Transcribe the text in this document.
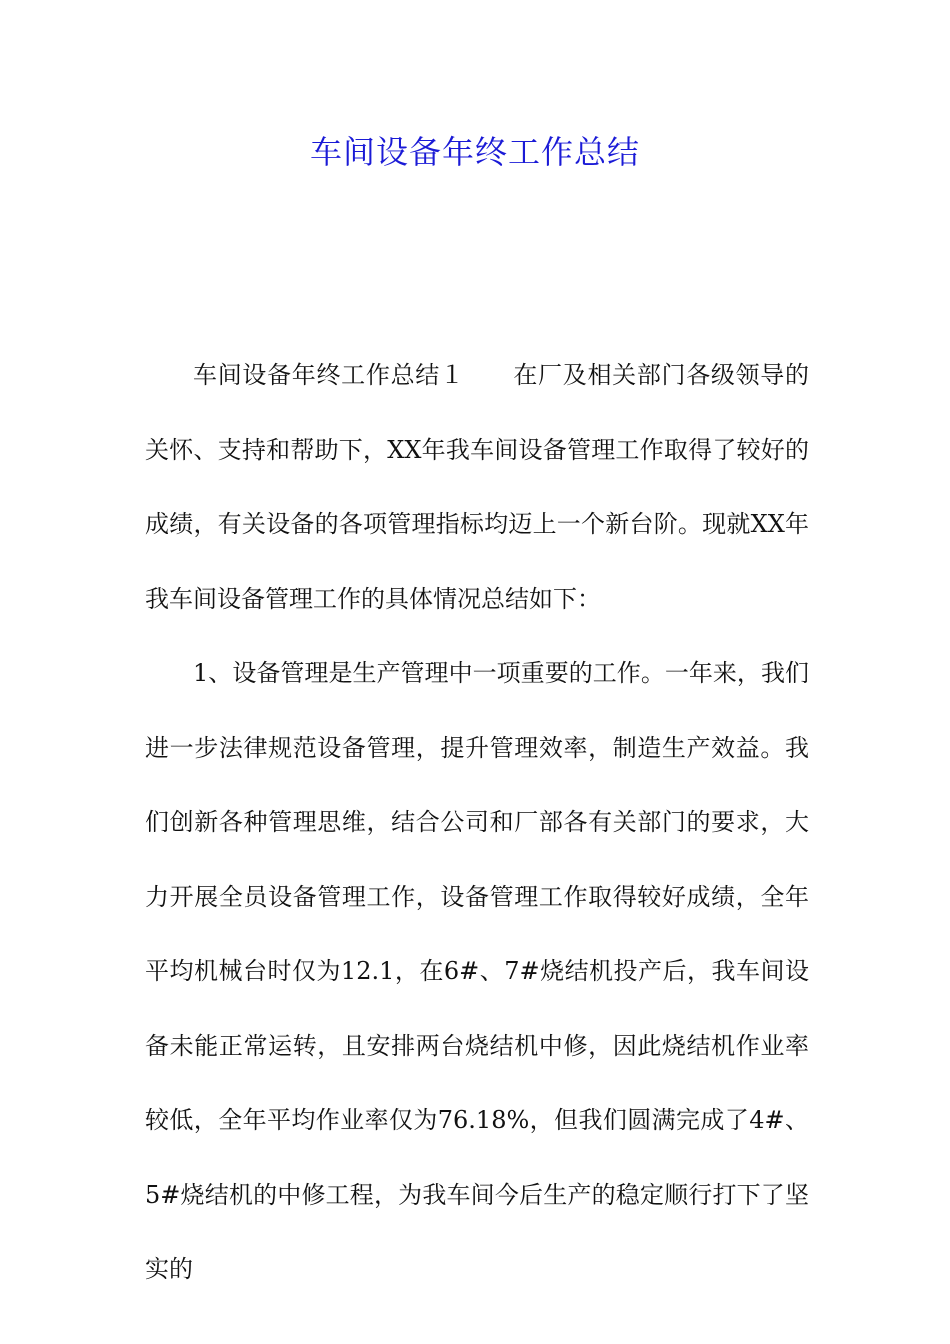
车间设备年终工作总结

车间设备年终工作总结１ 在厂及相关部门各级领导的关怀、支持和帮助下，XX年我车间设备管理工作取得了较好的成绩，有关设备的各项管理指标均迈上一个新台阶。现就XX年我车间设备管理工作的具体情况总结如下：

1、设备管理是生产管理中一项重要的工作。一年来，我们进一步法律规范设备管理，提升管理效率，制造生产效益。我们创新各种管理思维，结合公司和厂部各有关部门的要求，大力开展全员设备管理工作，设备管理工作取得较好成绩，全年平均机械台时仅为12.1，在6#、7#烧结机投产后，我车间设备未能正常运转，且安排两台烧结机中修，因此烧结机作业率较低，全年平均作业率仅为76.18%，但我们圆满完成了4#、5#烧结机的中修工程，为我车间今后生产的稳定顺行打下了坚实的
